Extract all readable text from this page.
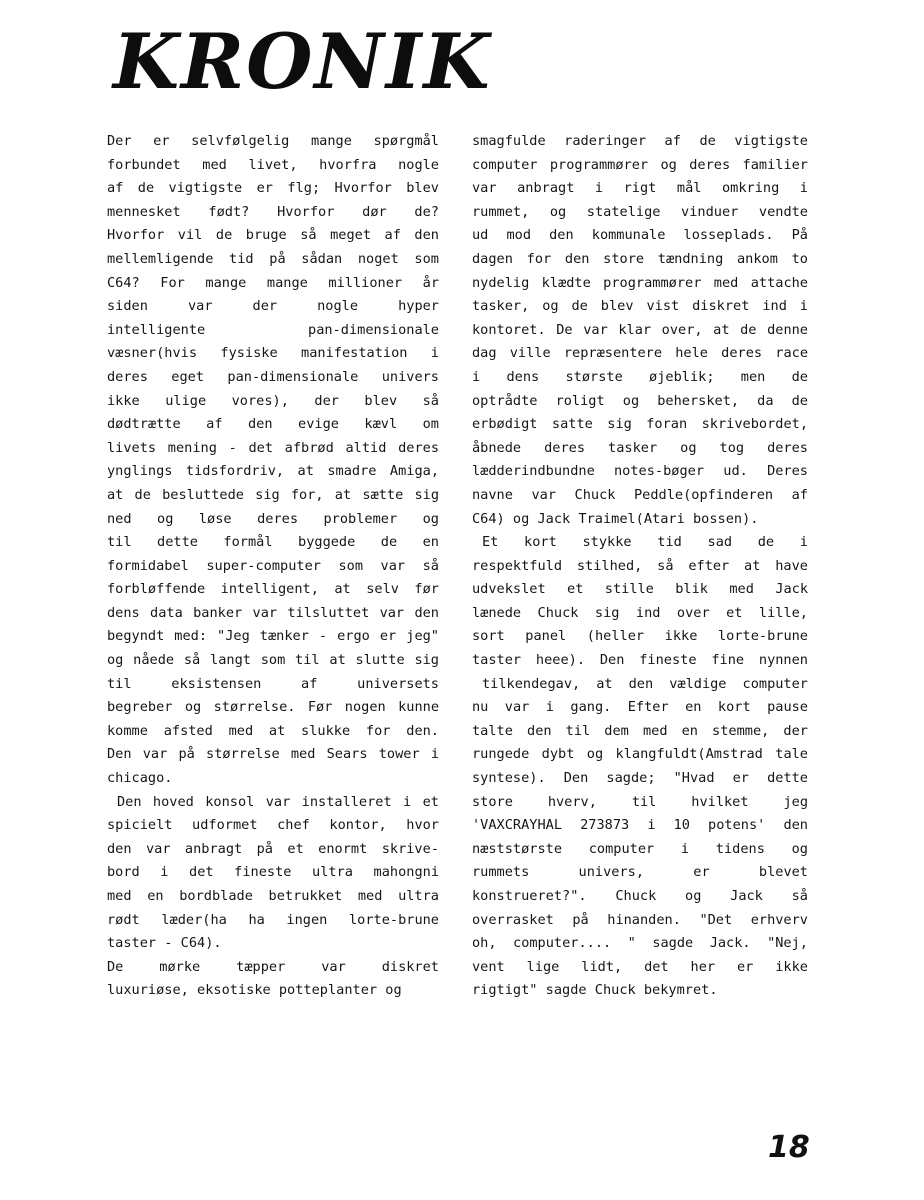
KRONIK
Der er selvfølgelig mange spørgmål
forbundet med livet, hvorfra nogle
af de vigtigste er flg; Hvorfor blev
mennesket født? Hvorfor dør de?
Hvorfor vil de bruge så meget af den
mellemligende tid på sådan noget som
C64? For mange mange millioner år
siden var der nogle hyper
intelligente pan-dimensionale
væsner(hvis fysiske manifestation i
deres eget pan-dimensionale univers
ikke ulige vores), der blev så
dødtrætte af den evige kævl om
livets mening - det afbrød altid deres
ynglings tidsfordriv, at smadre Amiga,
at de besluttede sig for, at sætte sig
ned og løse deres problemer og
til dette formål byggede de en
formidabel super-computer som var så
forbløffende intelligent, at selv før
dens data banker var tilsluttet var den
begyndt med: "Jeg tænker - ergo er jeg"
og nåede så langt som til at slutte sig
til eksistensen af universets
begreber og størrelse. Før nogen kunne
komme afsted med at slukke for den.
Den var på størrelse med Sears tower i
chicago.
Den hoved konsol var installeret i et
spicielt udformet chef kontor, hvor
den var anbragt på et enormt skrive-
bord i det fineste ultra mahongni
med en bordblade betrukket med ultra
rødt læder(ha ha ingen lorte-brune
taster - C64).
De mørke tæpper var diskret
luxuriøse, eksotiske potteplanter og
smagfulde raderinger af de vigtigste
computer programmører og deres familier
var anbragt i rigt mål omkring i
rummet, og statelige vinduer vendte
ud mod den kommunale losseplads. På
dagen for den store tændning ankom to
nydelig klædte programmører med attache
tasker, og de blev vist diskret ind i
kontoret. De var klar over, at de denne
dag ville repræsentere hele deres race
i dens største øjeblik; men de
optrådte roligt og behersket, da de
erbødigt satte sig foran skrivebordet,
åbnede deres tasker og tog deres
lædderindbundne notes-bøger ud. Deres
navne var Chuck Peddle(opfinderen af
C64) og Jack Traimel(Atari bossen).
Et kort stykke tid sad de i
respektfuld stilhed, så efter at have
udvekslet et stille blik med Jack
lænede Chuck sig ind over et lille,
sort panel (heller ikke lorte-brune
taster heee). Den fineste fine nynnen
tilkendegav, at den vældige computer
nu var i gang. Efter en kort pause
talte den til dem med en stemme, der
rungede dybt og klangfuldt(Amstrad tale
syntese). Den sagde; "Hvad er dette
store hverv, til hvilket jeg
'VAXCRAYHAL 273873 i 10 potens' den
næststørste computer i tidens og
rummets univers, er blevet
konstrueret?". Chuck og Jack så
overrasket på hinanden. "Det erhverv
oh, computer.... " sagde Jack. "Nej,
vent lige lidt, det her er ikke
rigtigt" sagde Chuck bekymret.
18
